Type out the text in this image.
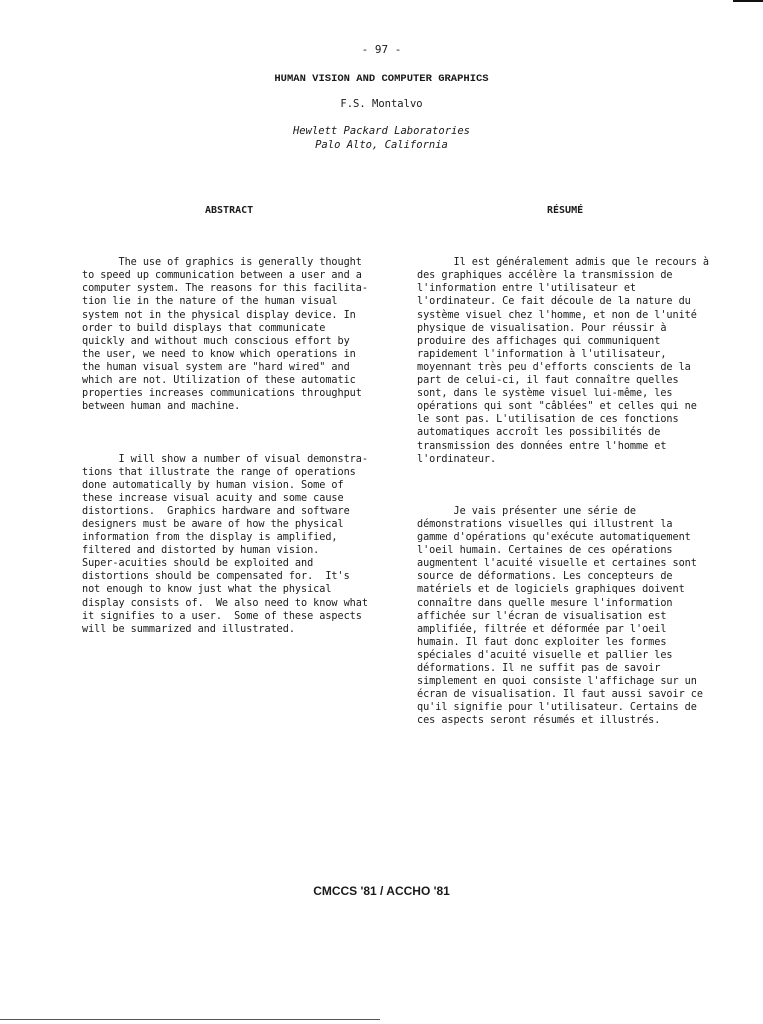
- 97 -
HUMAN VISION AND COMPUTER GRAPHICS
F.S. Montalvo
Hewlett Packard Laboratories
Palo Alto, California
ABSTRACT	RÉSUMÉ

The use of graphics is generally thought
to speed up communication between a user and a
computer system. The reasons for this facilita-
tion lie in the nature of the human visual
system not in the physical display device. In
order to build displays that communicate
quickly and without much conscious effort by
the user, we need to know which operations in
the human visual system are "hard wired" and
which are not. Utilization of these automatic
properties increases communications throughput
between human and machine.

I will show a number of visual demonstra-
tions that illustrate the range of operations
done automatically by human vision. Some of
these increase visual acuity and some cause
distortions.  Graphics hardware and software
designers must be aware of how the physical
information from the display is amplified,
filtered and distorted by human vision.
Super-acuities should be exploited and
distortions should be compensated for.  It's
not enough to know just what the physical
display consists of.  We also need to know what
it signifies to a user.  Some of these aspects
will be summarized and illustrated.

Il est généralement admis que le recours à
des graphiques accélère la transmission de
l'information entre l'utilisateur et
l'ordinateur. Ce fait découle de la nature du
système visuel chez l'homme, et non de l'unité
physique de visualisation. Pour réussir à
produire des affichages qui communiquent
rapidement l'information à l'utilisateur,
moyennant très peu d'efforts conscients de la
part de celui-ci, il faut connaître quelles
sont, dans le système visuel lui-même, les
opérations qui sont "câblées" et celles qui ne
le sont pas. L'utilisation de ces fonctions
automatiques accroît les possibilités de
transmission des données entre l'homme et
l'ordinateur.

Je vais présenter une série de
démonstrations visuelles qui illustrent la
gamme d'opérations qu'exécute automatiquement
l'oeil humain. Certaines de ces opérations
augmentent l'acuité visuelle et certaines sont
source de déformations. Les concepteurs de
matériels et de logiciels graphiques doivent
connaître dans quelle mesure l'information
affichée sur l'écran de visualisation est
amplifiée, filtrée et déformée par l'oeil
humain. Il faut donc exploiter les formes
spéciales d'acuité visuelle et pallier les
déformations. Il ne suffit pas de savoir
simplement en quoi consiste l'affichage sur un
écran de visualisation. Il faut aussi savoir ce
qu'il signifie pour l'utilisateur. Certains de
ces aspects seront résumés et illustrés.

CMCCS '81 / ACCHO '81
